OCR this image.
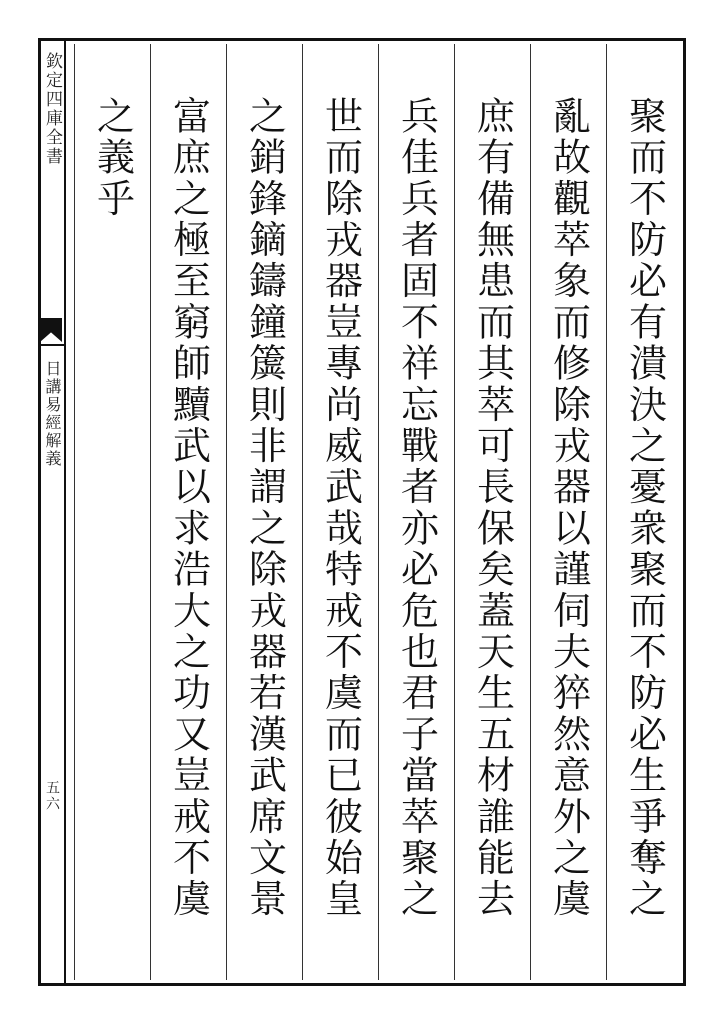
欽定四庫全書
日講易經解義
五六	聚而不防必有潰決之憂衆聚而不防必生爭奪之
亂故觀萃象而修除戎器以謹伺夫猝然意外之虞
庶有備無患而其萃可長保矣蓋天生五材誰能去
兵佳兵者固不祥忘戰者亦必危也君子當萃聚之
世而除戎器豈專尚威武哉特戒不虞而已彼始皇
之銷鋒鏑鑄鐘簴則非謂之除戎器若漢武席文景
富庶之極至窮師黷武以求浩大之功又豈戒不虞
之義乎
